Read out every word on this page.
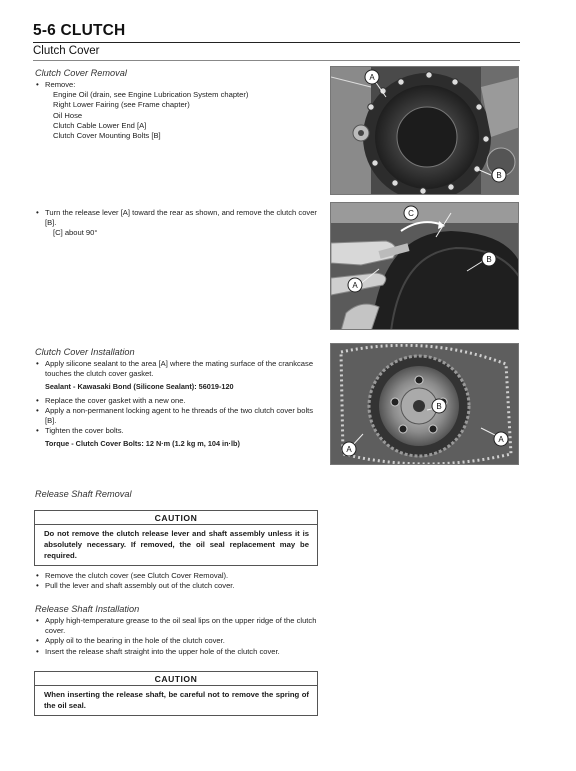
5-6 CLUTCH
Clutch Cover
Clutch Cover Removal
• Remove:
Engine Oil (drain, see Engine Lubrication System chapter)
Right Lower Fairing (see Frame chapter)
Oil Hose
Clutch Cable Lower End [A]
Clutch Cover Mounting Bolts [B]
• Turn the release lever [A] toward the rear as shown, and remove the clutch cover [B].
[C] about 90°
Clutch Cover Installation
• Apply silicone sealant to the area [A] where the mating surface of the crankcase touches the clutch cover gasket.
Sealant - Kawasaki Bond (Silicone Sealant): 56019-120
• Replace the cover gasket with a new one.
• Apply a non-permanent locking agent to he threads of the two clutch cover bolts [B].
• Tighten the cover bolts.
Torque - Clutch Cover Bolts: 12 N·m (1.2 kg m, 104 in·lb)
Release Shaft Removal
CAUTION
Do not remove the clutch release lever and shaft assembly unless it is absolutely necessary. If removed, the oil seal replacement may be required.
• Remove the clutch cover (see Clutch Cover Removal).
• Pull the lever and shaft assembly out of the clutch cover.
Release Shaft Installation
• Apply high-temperature grease to the oil seal lips on the upper ridge of the clutch cover.
• Apply oil to the bearing in the hole of the clutch cover.
• Insert the release shaft straight into the upper hole of the clutch cover.
CAUTION
When inserting the release shaft, be careful not to remove the spring of the oil seal.
A
B
C
B
A
B
A
A
